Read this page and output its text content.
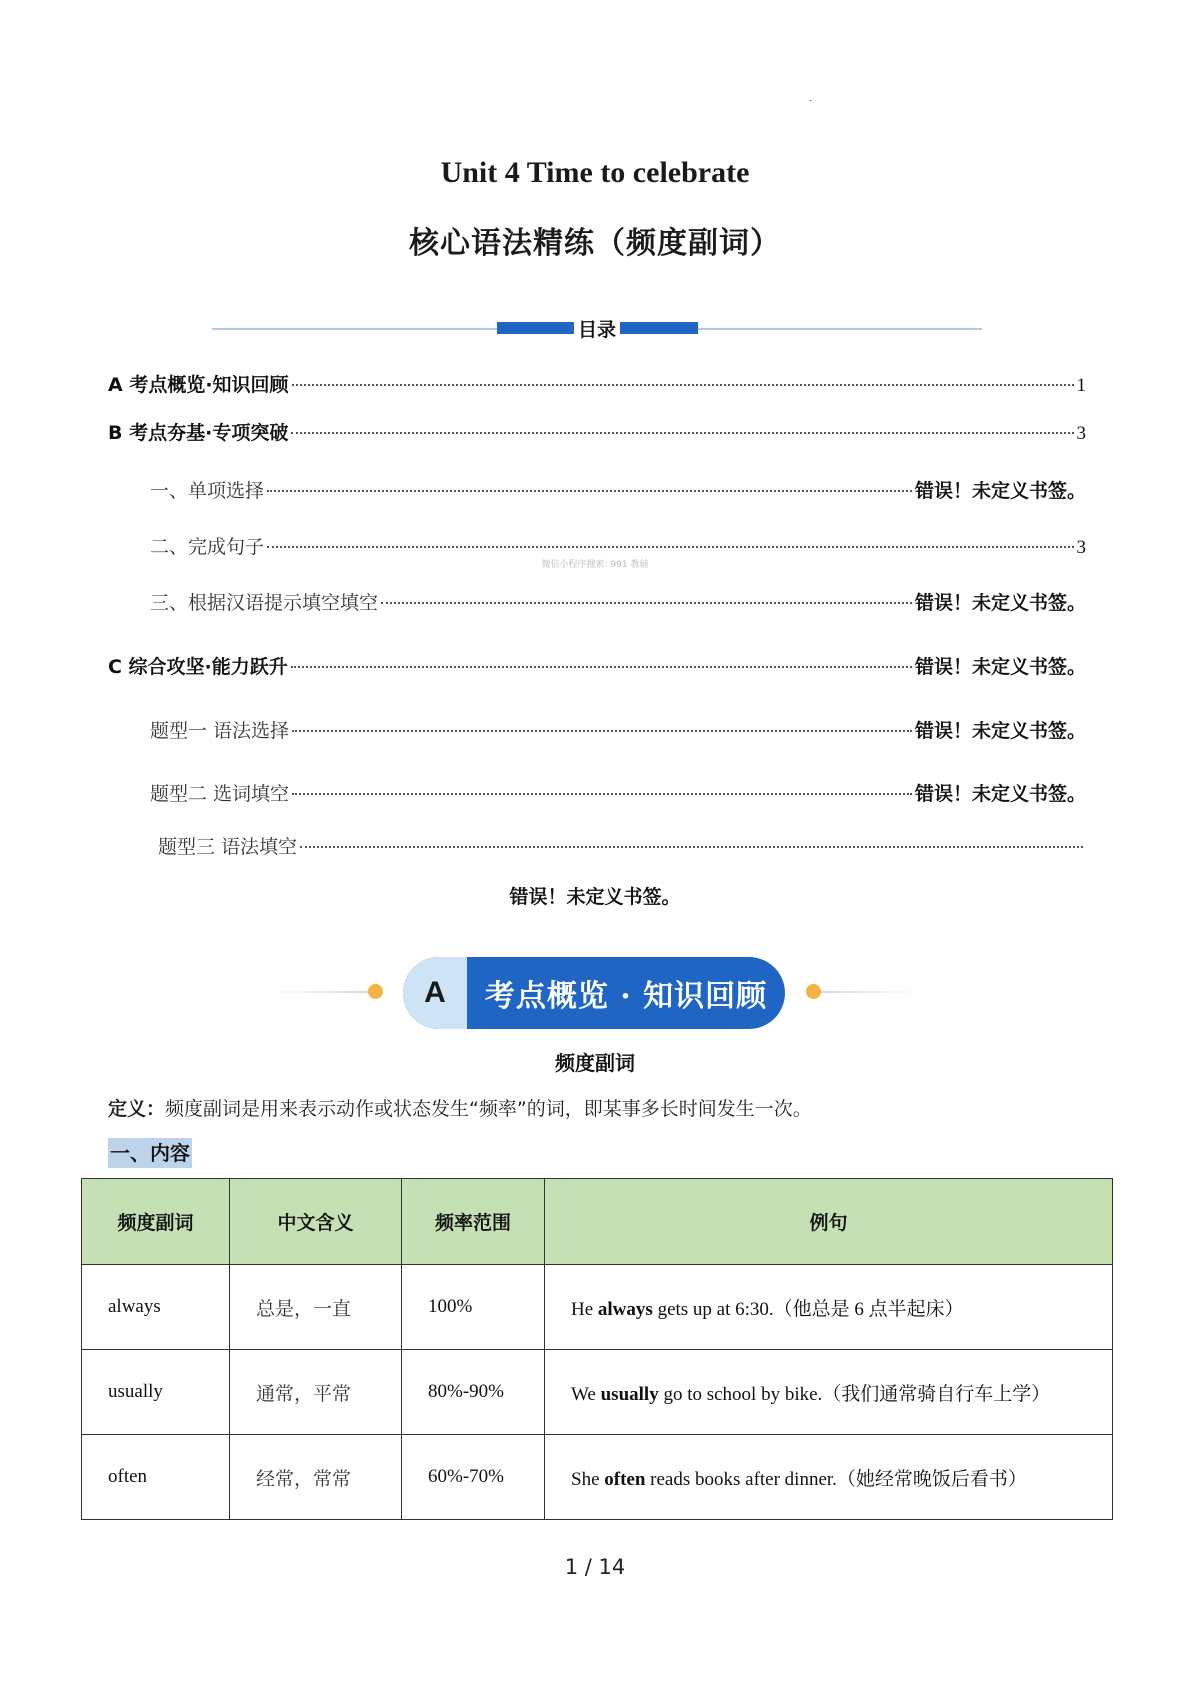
Unit 4 Time to celebrate
核心语法精练（频度副词）
目录
A 考点概览·知识回顾	1
B 考点夯基·专项突破	3
一、单项选择	错误！未定义书签。
二、完成句子	3
微信小程序搜索: 991 教辅
三、根据汉语提示填空填空	错误！未定义书签。
C 综合攻坚·能力跃升	错误！未定义书签。
题型一 语法选择	错误！未定义书签。
题型二 选词填空	错误！未定义书签。
题型三 语法填空
错误！未定义书签。
A	考点概览 · 知识回顾
频度副词
定义：频度副词是用来表示动作或状态发生“频率”的词，即某事多长时间发生一次。
一、内容
频度副词	中文含义	频率范围	例句
always	总是，一直	100%	He always gets up at 6:30.（他总是 6 点半起床）
usually	通常，平常	80%-90%	We usually go to school by bike.（我们通常骑自行车上学）
often	经常，常常	60%-70%	She often reads books after dinner.（她经常晚饭后看书）
1 / 14
